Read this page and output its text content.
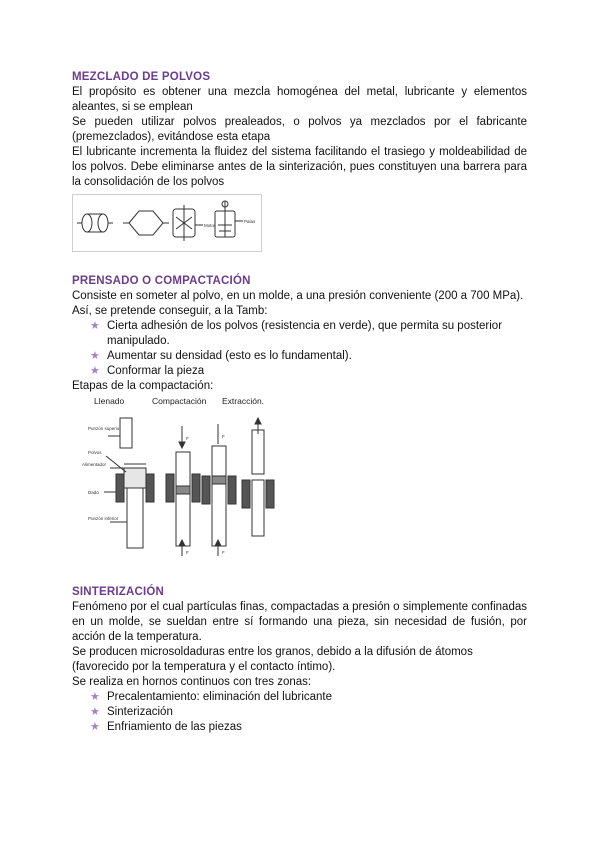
MEZCLADO DE POLVOS

El propósito es obtener una mezcla homogénea del metal, lubricante y elementos aleantes, si se emplean

Se pueden utilizar polvos prealeados, o polvos ya mezclados por el fabricante (premezclados), evitándose esta etapa

El lubricante incrementa la fluidez del sistema facilitando el trasiego y moldeabilidad de los polvos. Debe eliminarse antes de la sinterización, pues constituyen una barrera para la consolidación de los polvos

Motor
Palas
PRENSADO O COMPACTACIÓN

Consiste en someter al polvo, en un molde, a una presión conveniente (200 a 700 MPa).

Así, se pretende conseguir, a la Tamb:

★ Cierta adhesión de los polvos (resistencia en verde), que permita su posterior manipulado.
★ Aumentar su densidad (esto es lo fundamental).
★ Conformar la pieza

Etapas de la compactación:

Llenado	Compactación Extracción.
Punzón superior
Polvos
Alimentador
Dado
Punzón inferior
F
F
F
F
SINTERIZACIÓN

Fenómeno por el cual partículas finas, compactadas a presión o simplemente confinadas en un molde, se sueldan entre sí formando una pieza, sin necesidad de fusión, por acción de la temperatura.

Se producen microsoldaduras entre los granos, debido a la difusión de átomos (favorecido por la temperatura y el contacto íntimo).

Se realiza en hornos continuos con tres zonas:

★ Precalentamiento: eliminación del lubricante
★ Sinterización
★ Enfriamiento de las piezas
